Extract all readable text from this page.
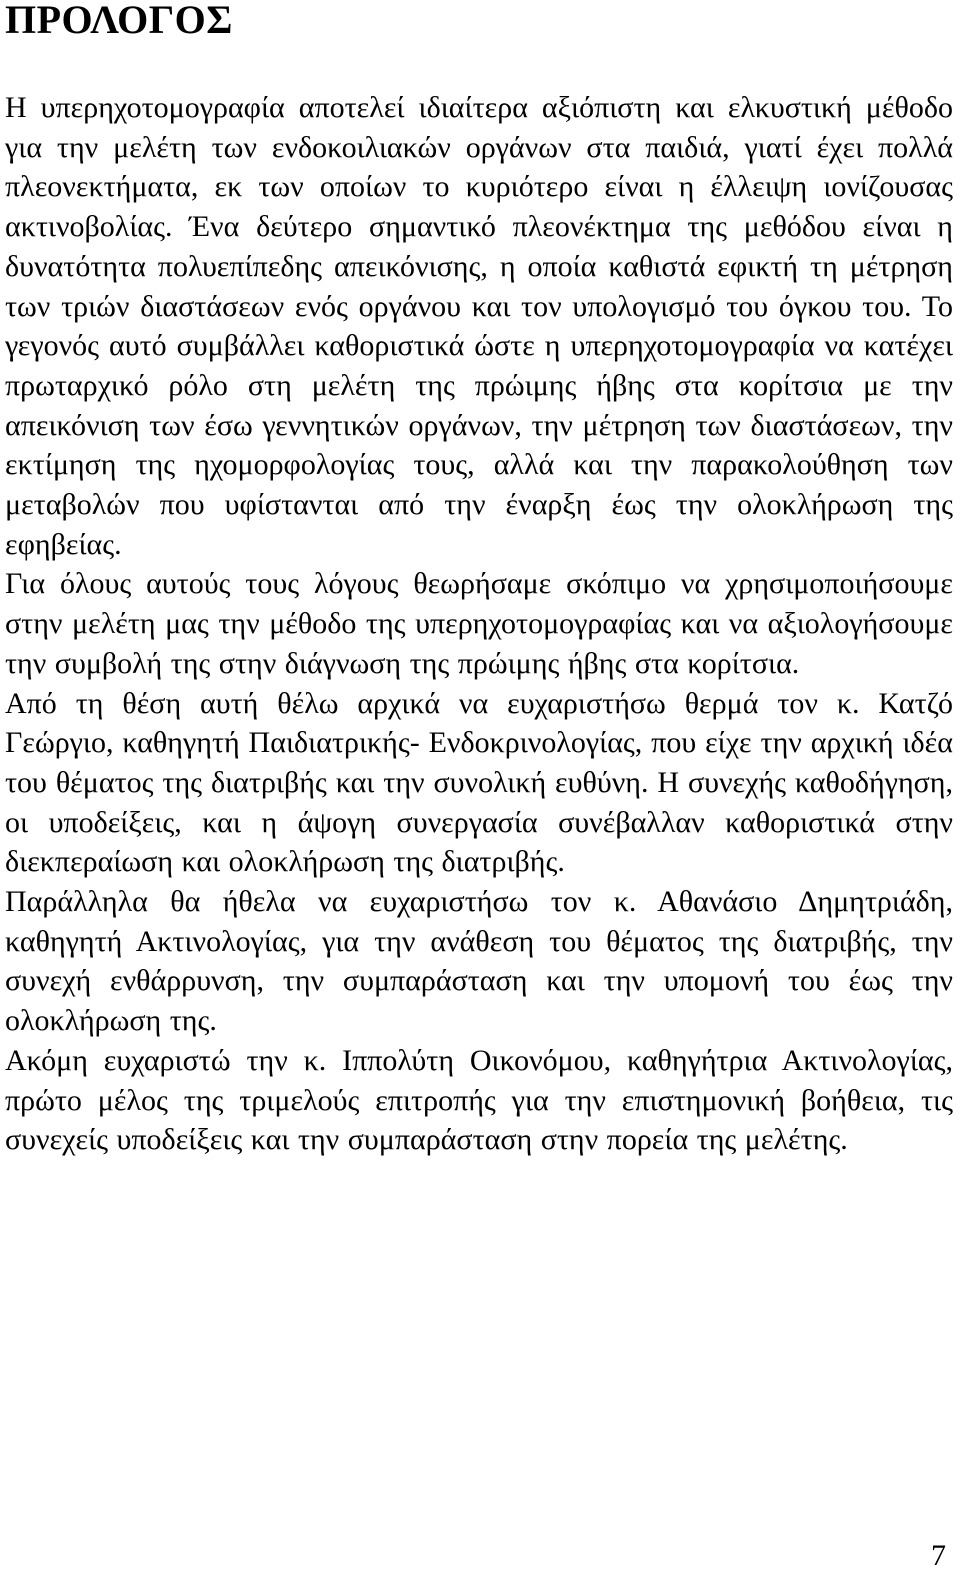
ΠΡΟΛΟΓΟΣ

Η υπερηχοτομογραφία αποτελεί ιδιαίτερα αξιόπιστη και ελκυστική μέθοδο για την μελέτη των ενδοκοιλιακών οργάνων στα παιδιά, γιατί έχει πολλά πλεονεκτήματα, εκ των οποίων το κυριότερο είναι η έλλειψη ιονίζουσας ακτινοβολίας. Ένα δεύτερο σημαντικό πλεονέκτημα της μεθόδου είναι η δυνατότητα πολυεπίπεδης απεικόνισης, η οποία καθιστά εφικτή τη μέτρηση των τριών διαστάσεων ενός οργάνου και τον υπολογισμό του όγκου του. Το γεγονός αυτό συμβάλλει καθοριστικά ώστε η υπερηχοτομογραφία να κατέχει πρωταρχικό ρόλο στη μελέτη της πρώιμης ήβης στα κορίτσια με την απεικόνιση των έσω γεννητικών οργάνων, την μέτρηση των διαστάσεων, την εκτίμηση της ηχομορφολογίας τους, αλλά και την παρακολούθηση των μεταβολών που υφίστανται από την έναρξη έως την ολοκλήρωση της εφηβείας.

Για όλους αυτούς τους λόγους θεωρήσαμε σκόπιμο να χρησιμοποιήσουμε στην μελέτη μας την μέθοδο της υπερηχοτομογραφίας και να αξιολογήσουμε την συμβολή της στην διάγνωση της πρώιμης ήβης στα κορίτσια.

Από τη θέση αυτή θέλω αρχικά να ευχαριστήσω θερμά τον κ. Κατζό Γεώργιο, καθηγητή Παιδιατρικής- Ενδοκρινολογίας, που είχε την αρχική ιδέα του θέματος της διατριβής και την συνολική ευθύνη. Η συνεχής καθοδήγηση, οι υποδείξεις, και η άψογη συνεργασία συνέβαλλαν καθοριστικά στην διεκπεραίωση και ολοκλήρωση της διατριβής.

Παράλληλα θα ήθελα να ευχαριστήσω τον κ. Αθανάσιο Δημητριάδη, καθηγητή Ακτινολογίας, για την ανάθεση του θέματος της διατριβής, την συνεχή ενθάρρυνση, την συμπαράσταση και την υπομονή του έως την ολοκλήρωση της.

Ακόμη ευχαριστώ την κ. Ιππολύτη Οικονόμου, καθηγήτρια Ακτινολογίας, πρώτο μέλος της τριμελούς επιτροπής για την επιστημονική βοήθεια, τις συνεχείς υποδείξεις και την συμπαράσταση στην πορεία της μελέτης.

7
